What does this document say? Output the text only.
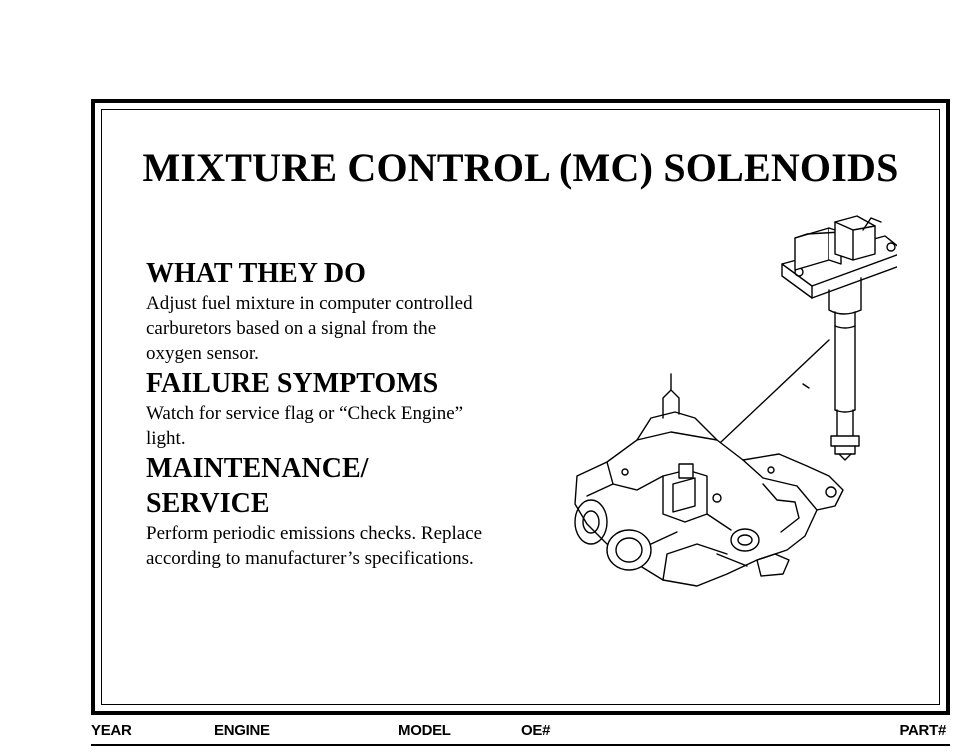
MIXTURE CONTROL (MC) SOLENOIDS

WHAT THEY DO

Adjust fuel mixture in computer controlled

carburetors based on a signal from the

oxygen sensor.

FAILURE SYMPTOMS

Watch for service flag or “Check Engine”

light.

MAINTENANCE/

SERVICE

Perform periodic emissions checks. Replace

according to manufacturer’s specifications.

YEAR	ENGINE	MODEL	OE#	PART#
